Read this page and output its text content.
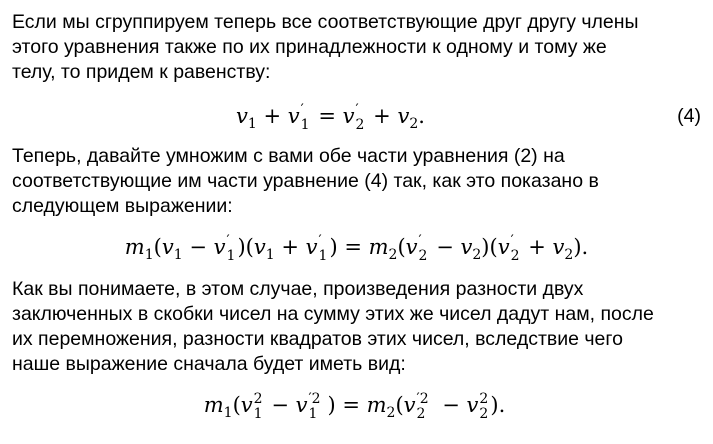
Если мы сгруппируем теперь все соответствующие друг другу члены
этого уравнения также по их принадлежности к одному и тому же
телу, то придем к равенству:

$v_1 + v$ ′
1 = v ′
$2 + v_2$.	(4)

Теперь, давайте умножим с вами обе части уравнения (2) на
соответствующие им части уравнение (4) так, как это показано в
следующем выражении:

$m_1(v_1 - v$ ′
1 )($v_1 + v$ ′
1 ) = $m_2(v$ ′
$2 - v_2)(v$ ′
$2 + v_2$).

Как вы понимаете, в этом случае, произведения разности двух
заключенных в скобки чисел на сумму этих же чисел дадут нам, после
их перемножения, разности квадратов этих чисел, вследствие чего
наше выражение сначала будет иметь вид:

$m_1(v$ 2
1 − v ′2
1 ) = $m_2(v$ ′2
2 − v 2
2 ).
